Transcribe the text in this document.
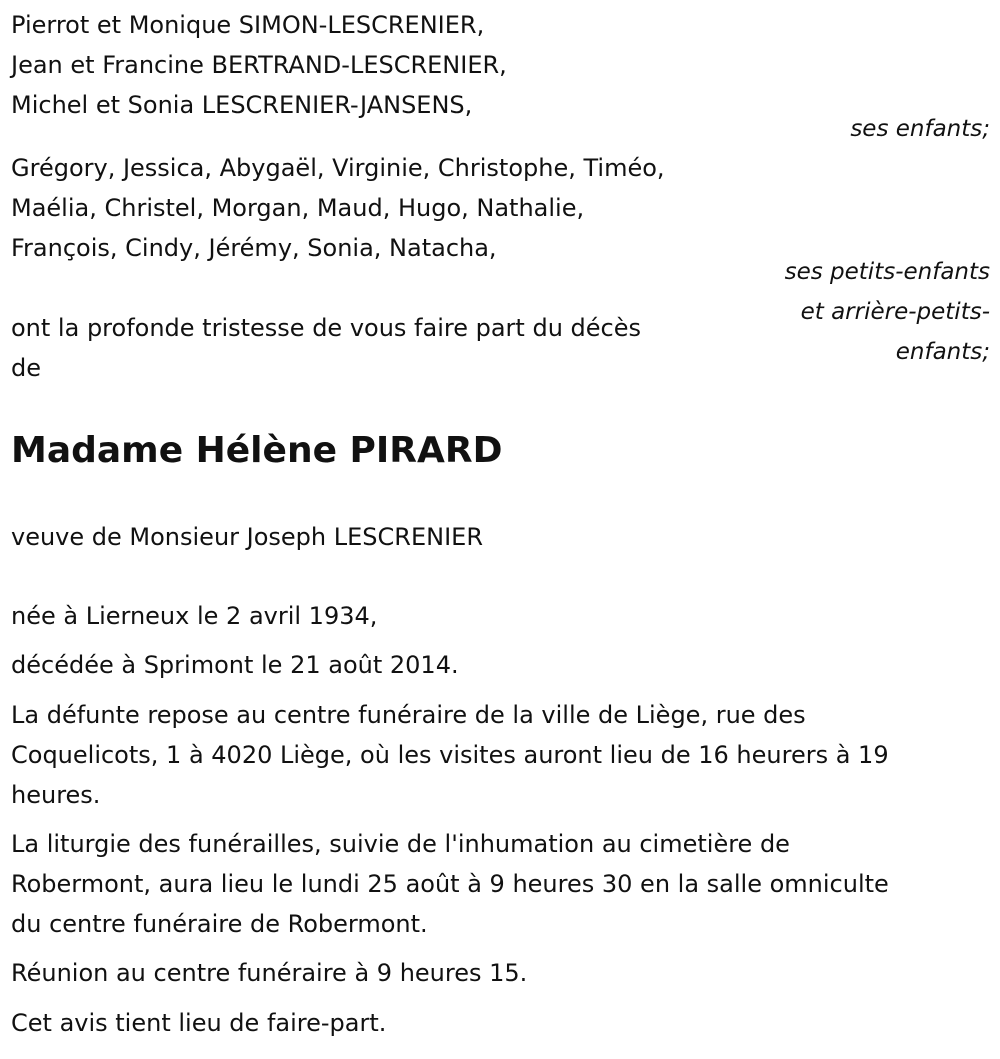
Pierrot et Monique SIMON-LESCRENIER,
Jean et Francine BERTRAND-LESCRENIER,
Michel et Sonia LESCRENIER-JANSENS,
ses enfants;
Grégory, Jessica, Abygaël, Virginie, Christophe, Timéo,
Maélia, Christel, Morgan, Maud, Hugo, Nathalie,
François, Cindy, Jérémy, Sonia, Natacha,
ses petits-enfants
et arrière-petits-
enfants;
ont la profonde tristesse de vous faire part du décès
de
Madame Hélène PIRARD
veuve de Monsieur Joseph LESCRENIER
née à Lierneux le 2 avril 1934,
décédée à Sprimont le 21 août 2014.
La défunte repose au centre funéraire de la ville de Liège, rue des
Coquelicots, 1 à 4020 Liège, où les visites auront lieu de 16 heurers à 19
heures.
La liturgie des funérailles, suivie de l'inhumation au cimetière de
Robermont, aura lieu le lundi 25 août à 9 heures 30 en la salle omniculte
du centre funéraire de Robermont.
Réunion au centre funéraire à 9 heures 15.
Cet avis tient lieu de faire-part.
